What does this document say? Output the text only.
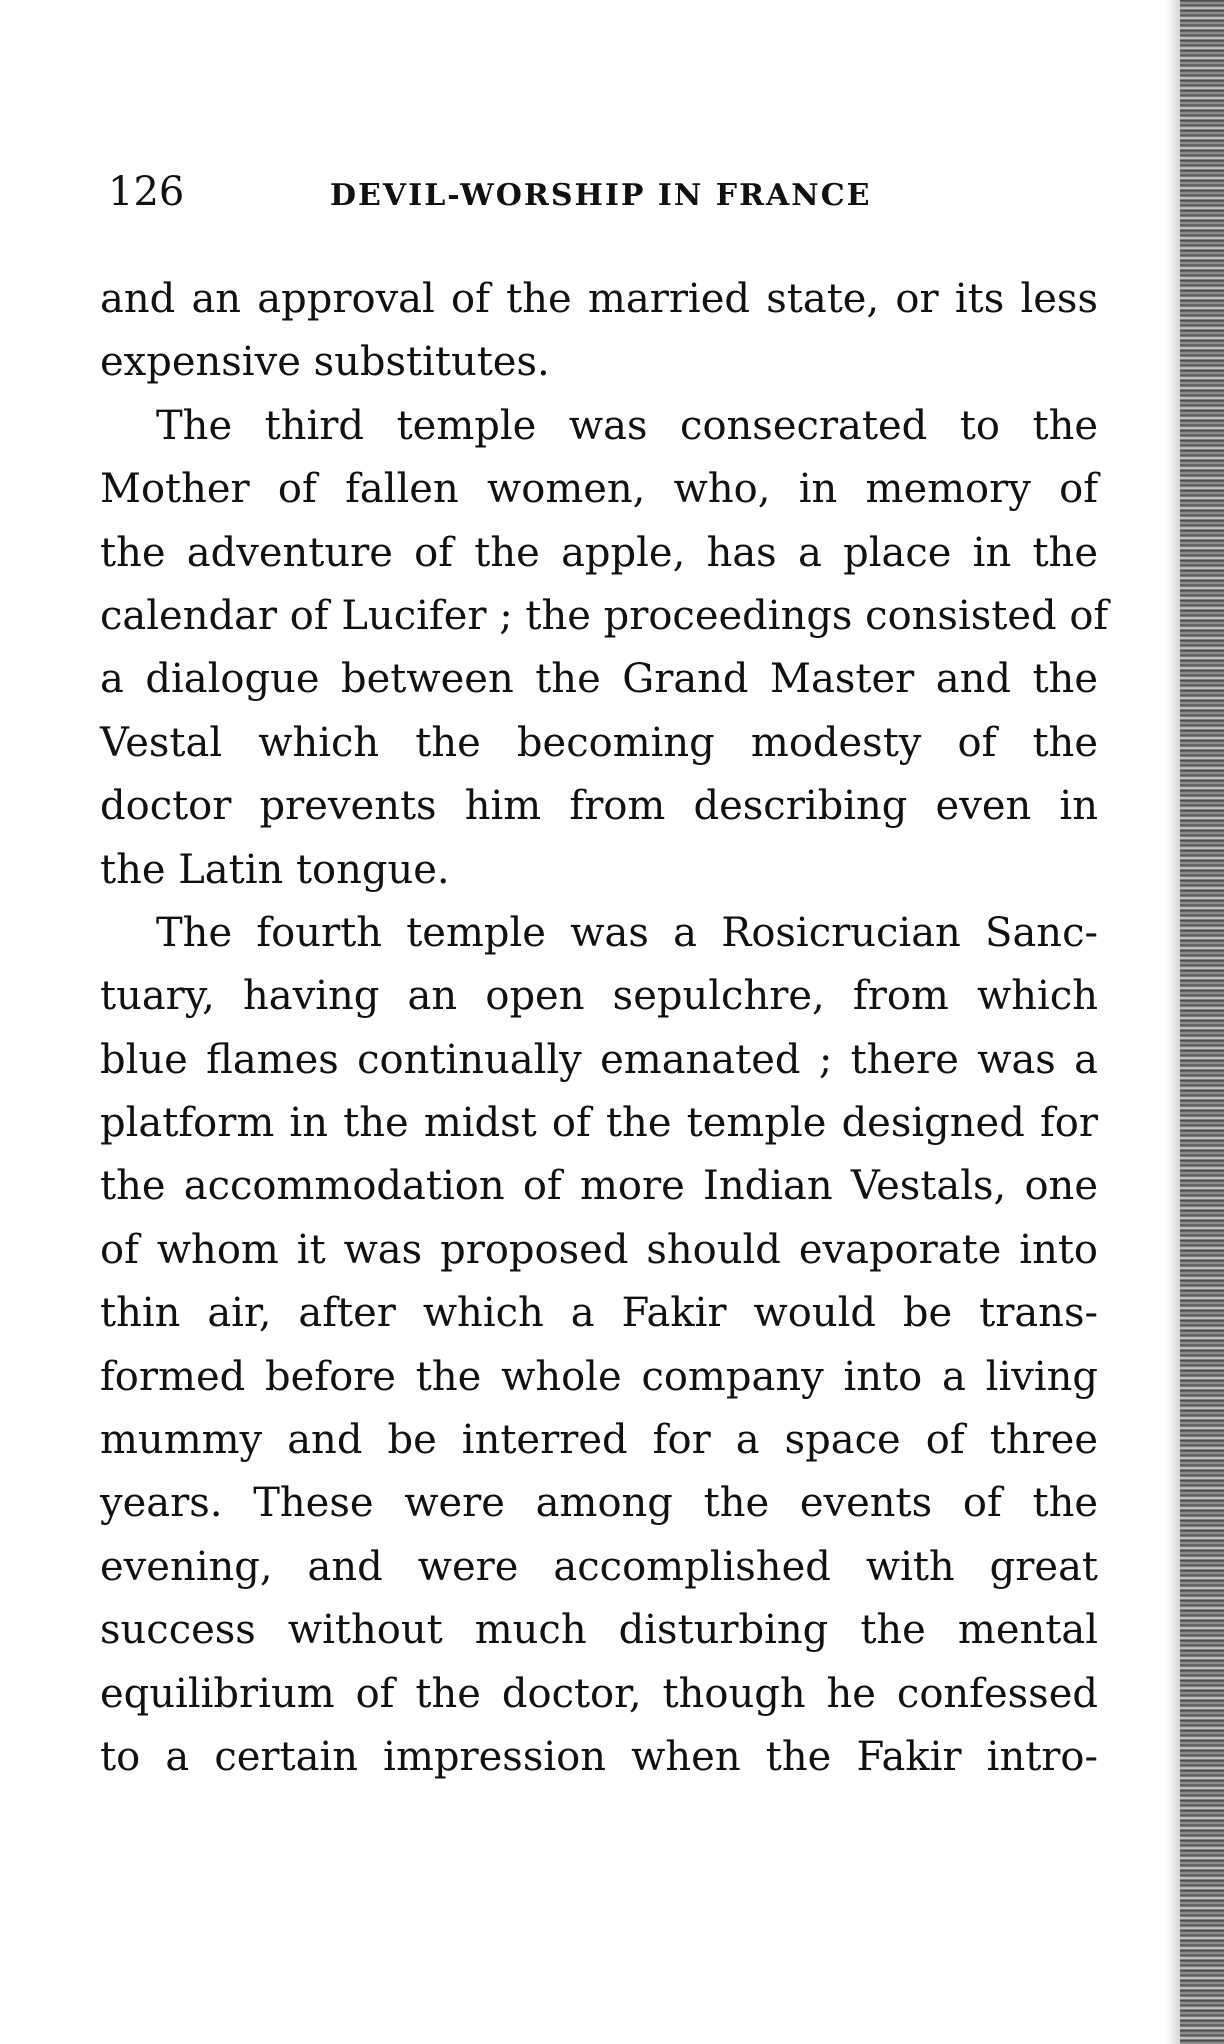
126	DEVIL-WORSHIP IN FRANCE
and an approval of the married state, or its less
expensive substitutes.
The third temple was consecrated to the
Mother of fallen women, who, in memory of
the adventure of the apple, has a place in the
calendar of Lucifer ; the proceedings consisted of
a dialogue between the Grand Master and the
Vestal which the becoming modesty of the
doctor prevents him from describing even in
the Latin tongue.
The fourth temple was a Rosicrucian Sanc-
tuary, having an open sepulchre, from which
blue flames continually emanated ; there was a
platform in the midst of the temple designed for
the accommodation of more Indian Vestals, one
of whom it was proposed should evaporate into
thin air, after which a Fakir would be trans-
formed before the whole company into a living
mummy and be interred for a space of three
years. These were among the events of the
evening, and were accomplished with great
success without much disturbing the mental
equilibrium of the doctor, though he confessed
to a certain impression when the Fakir intro-
